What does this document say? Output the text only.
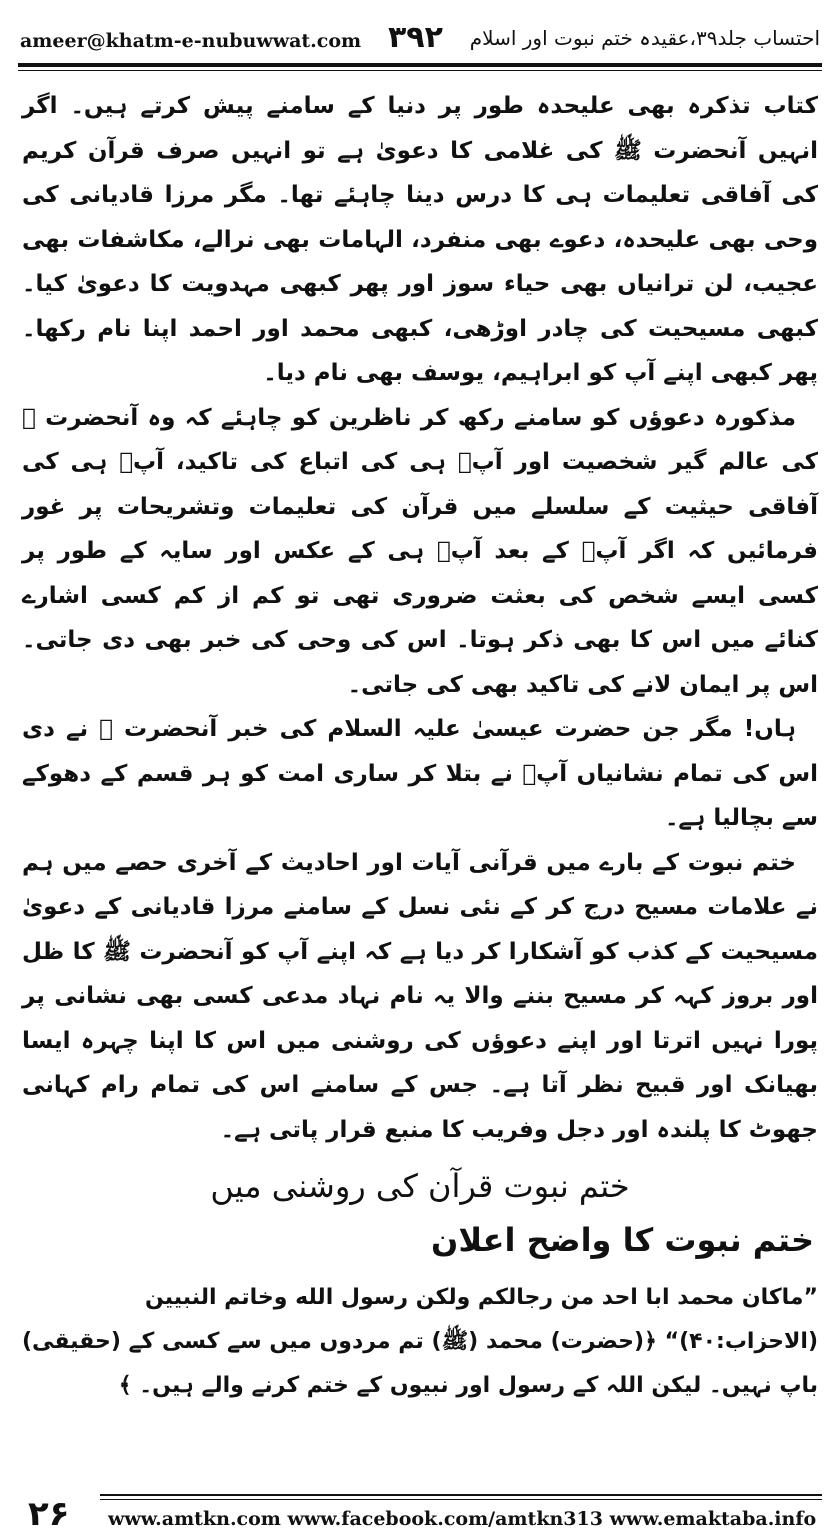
ameer@khatm-e-nubuwwat.com ۳۹۲ احتساب جلد۳۹،عقیدہ ختم نبوت اور اسلام

کتاب تذکرہ بھی علیحدہ طور پر دنیا کے سامنے پیش کرتے ہیں۔ اگر انہیں آنحضرت ﷺ کی غلامی کا دعویٰ ہے تو انہیں صرف قرآن کریم کی آفاقی تعلیمات ہی کا درس دینا چاہئے تھا۔ مگر مرزا قادیانی کی وحی بھی علیحدہ، دعوے بھی منفرد، الہامات بھی نرالے، مکاشفات بھی عجیب، لن ترانیاں بھی حیاء سوز اور پھر کبھی مہدویت کا دعویٰ کیا۔ کبھی مسیحیت کی چادر اوڑھی، کبھی محمد اور احمد اپنا نام رکھا۔ پھر کبھی اپنے آپ کو ابراہیم، یوسف بھی نام دیا۔

مذکورہ دعوؤں کو سامنے رکھ کر ناظرین کو چاہئے کہ وہ آنحضرت ﷺ کی عالم گیر شخصیت اور آپؐ ہی کی اتباع کی تاکید، آپؐ ہی کی آفاقی حیثیت کے سلسلے میں قرآن کی تعلیمات وتشریحات پر غور فرمائیں کہ اگر آپؐ کے بعد آپؐ ہی کے عکس اور سایہ کے طور پر کسی ایسے شخص کی بعثت ضروری تھی تو کم از کم کسی اشارے کنائے میں اس کا بھی ذکر ہوتا۔ اس کی وحی کی خبر بھی دی جاتی۔ اس پر ایمان لانے کی تاکید بھی کی جاتی۔

ہاں! مگر جن حضرت عیسیٰ علیہ السلام کی خبر آنحضرت ﷺ نے دی اس کی تمام نشانیاں آپؐ نے بتلا کر ساری امت کو ہر قسم کے دھوکے سے بچالیا ہے۔

ختم نبوت کے بارے میں قرآنی آیات اور احادیث کے آخری حصے میں ہم نے علامات مسیح درج کر کے نئی نسل کے سامنے مرزا قادیانی کے دعویٰ مسیحیت کے کذب کو آشکارا کر دیا ہے کہ اپنے آپ کو آنحضرت ﷺ کا ظل اور بروز کہہ کر مسیح بننے والا یہ نام نہاد مدعی کسی بھی نشانی پر پورا نہیں اترتا اور اپنے دعوؤں کی روشنی میں اس کا اپنا چہرہ ایسا بھیانک اور قبیح نظر آتا ہے۔ جس کے سامنے اس کی تمام رام کہانی جھوٹ کا پلندہ اور دجل وفریب کا منبع قرار پاتی ہے۔

ختم نبوت قرآن کی روشنی میں
ختم نبوت کا واضح اعلان
”ماكان محمد ابا احد من رجالكم ولكن رسول الله وخاتم النبيين
(الاحزاب:۴۰)“ ﴿(حضرت) محمد (ﷺ) تم مردوں میں سے کسی کے (حقیقی) باپ نہیں۔ لیکن اللہ کے رسول اور نبیوں کے ختم کرنے والے ہیں۔ ﴾
۲۶ www.amtkn.com www.facebook.com/amtkn313 www.emaktaba.info
